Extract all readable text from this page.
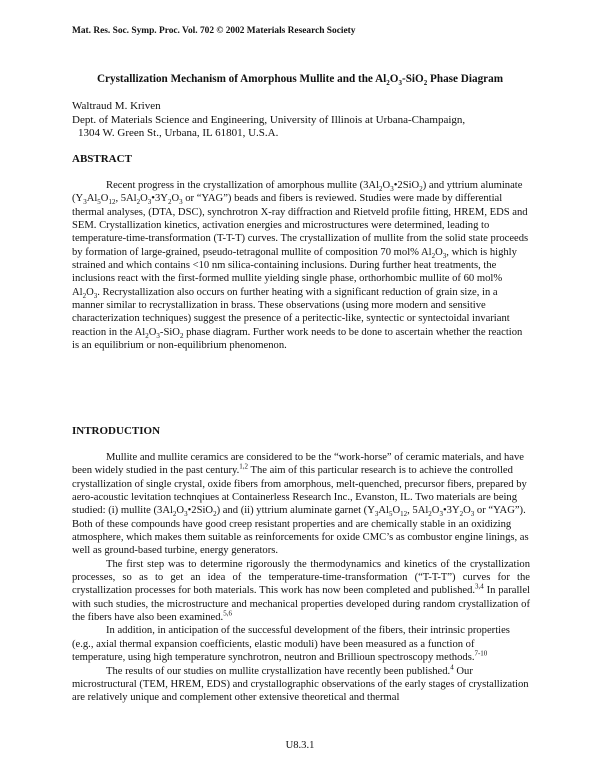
Mat. Res. Soc. Symp. Proc. Vol. 702 © 2002 Materials Research Society
Crystallization Mechanism of Amorphous Mullite and the $Al_2O_3-SiO_2$ Phase Diagram
Waltraud M. Kriven
Dept. of Materials Science and Engineering, University of Illinois at Urbana-Champaign,
1304 W. Green St., Urbana, IL 61801, U.S.A.
ABSTRACT

Recent progress in the crystallization of amorphous mullite $(3Al_2O_3•2SiO_2)$ and yttrium aluminate ($Y_3Al_5O_{12}$, $5Al_2O_3•3Y_2O_3$ or “YAG”) beads and fibers is reviewed. Studies were made by differential thermal analyses, (DTA, DSC), synchrotron X-ray diffraction and Rietveld profile fitting, HREM, EDS and SEM. Crystallization kinetics, activation energies and microstructures were determined, leading to temperature-time-transformation (T-T-T) curves. The crystallization of mullite from the solid state proceeds by formation of large-grained, pseudo-tetragonal mullite of composition 70 mol% $Al_2O_3$, which is highly strained and which contains <10 nm silica-containing inclusions. During further heat treatments, the inclusions react with the first-formed mullite yielding single phase, orthorhombic mullite of 60 mol% $Al_2O_3$. Recrystallization also occurs on further heating with a significant reduction of grain size, in a manner similar to recrystallization in brass. These observations (using more modern and sensitive characterization techniques) suggest the presence of a peritectic-like, syntectic or syntectoidal invariant reaction in the $Al_2O_3-SiO_2$ phase diagram. Further work needs to be done to ascertain whether the reaction is an equilibrium or non-equilibrium phenomenon.

INTRODUCTION

Mullite and mullite ceramics are considered to be the “work-horse” of ceramic materials, and have been widely studied in the past century.$^{1,2}$ The aim of this particular research is to achieve the controlled crystallization of single crystal, oxide fibers from amorphous, melt-quenched, precursor fibers, prepared by aero-acoustic levitation technqiues at Containerless Research Inc., Evanston, IL. Two materials are being studied: (i) mullite $(3Al_2O_3•2SiO_2)$ and (ii) yttrium aluminate garnet ($Y_3Al_5O_{12}$, $5Al_2O_3•3Y_2O_3$ or “YAG”). Both of these compounds have good creep resistant properties and are chemically stable in an oxidizing atmosphere, which makes them suitable as reinforcements for oxide CMC’s as combustor engine linings, as well as ground-based turbine, energy generators.

The first step was to determine rigorously the thermodynamics and kinetics of the crystallization processes, so as to get an idea of the temperature-time-transformation (“T-T-T”) curves for the crystallization processes for both materials. This work has now been completed and published.$^{3,4}$ In parallel with such studies, the microstructure and mechanical properties developed during random crystallization of the fibers have also been examined.$^{5,6}$

In addition, in anticipation of the successful development of the fibers, their intrinsic properties (e.g., axial thermal expansion coefficients, elastic moduli) have been measured as a function of temperature, using high temperature synchrotron, neutron and Brillioun spectroscopy methods.$^{7-10}$

The results of our studies on mullite crystallization have recently been published.$^4$ Our microstructural (TEM, HREM, EDS) and crystallographic observations of the early stages of crystallization are relatively unique and complement other extensive theoretical and thermal

U8.3.1
